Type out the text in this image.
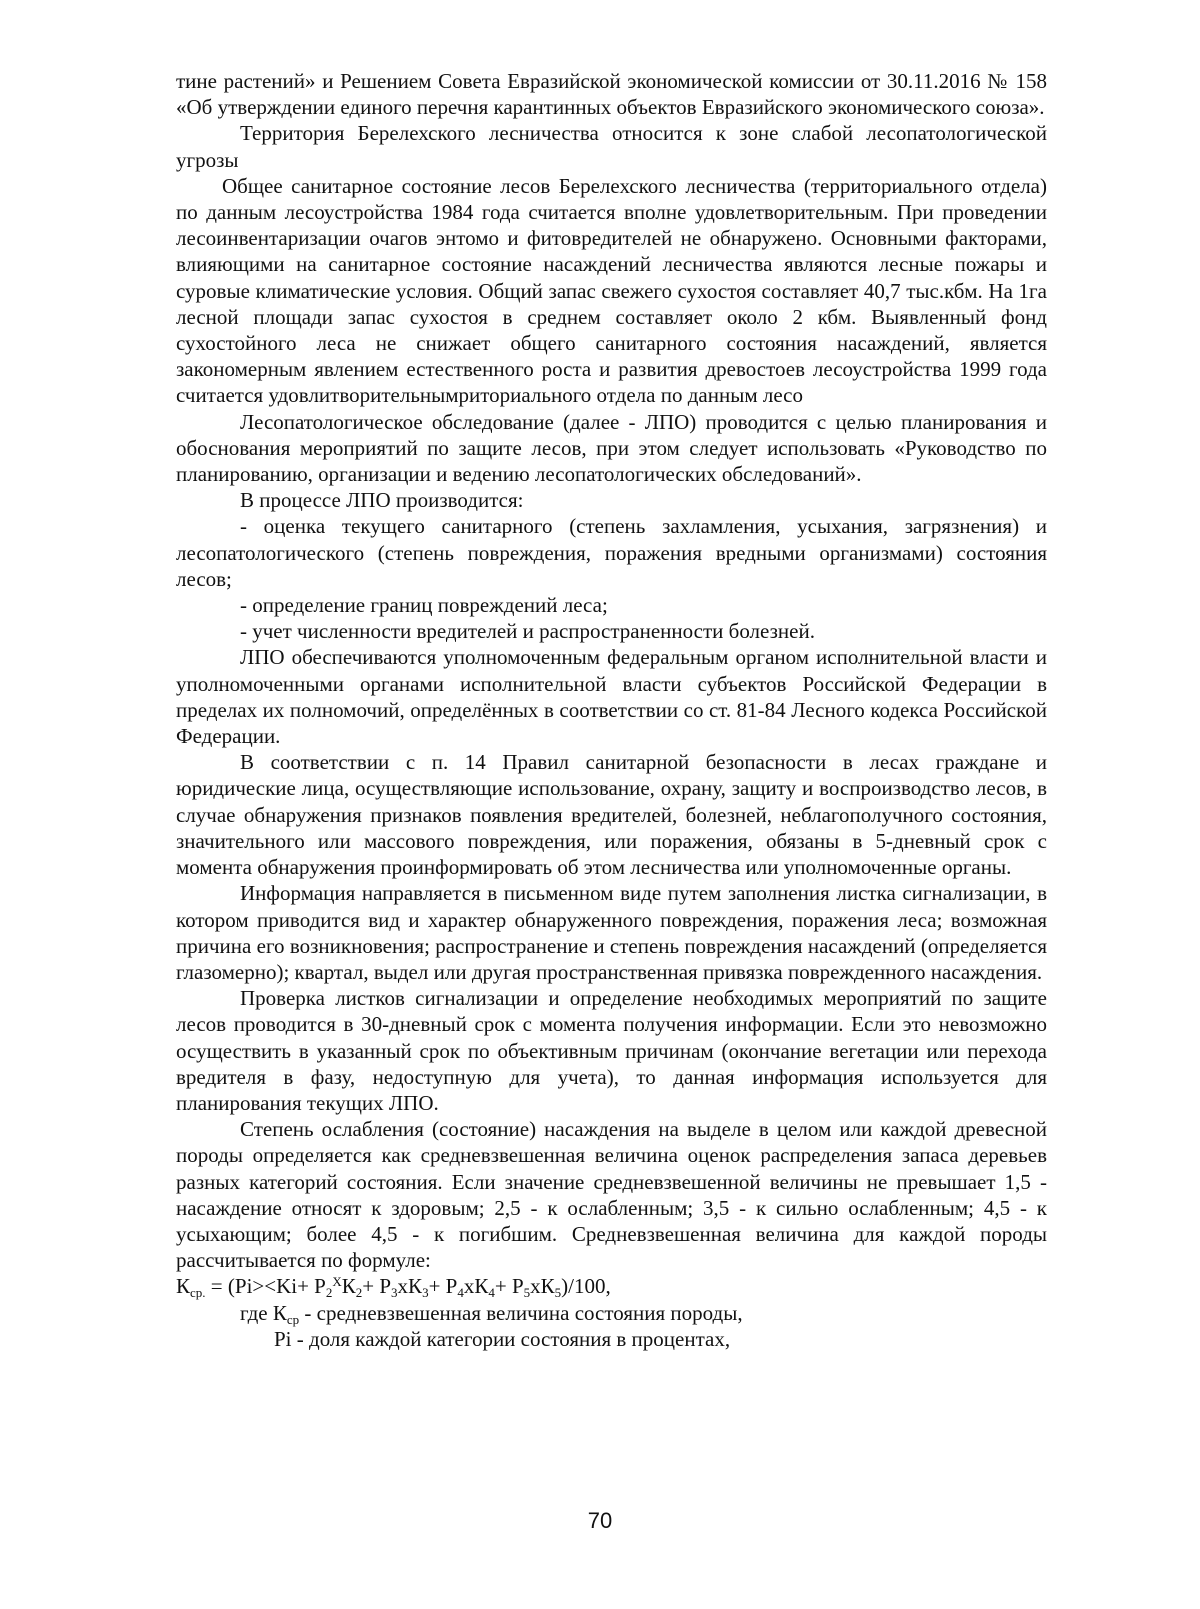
тине растений» и Решением Совета Евразийской экономической комиссии от 30.11.2016 № 158 «Об утверждении единого перечня карантинных объектов Евразийского экономического союза».

Территория Берелехского лесничества относится к зоне слабой лесопатологической угрозы

Общее санитарное состояние лесов Берелехского лесничества (территориального отдела) по данным лесоустройства 1984 года считается вполне удовлетворительным. При проведении лесоинвентаризации очагов энтомо и фитовредителей не обнаружено. Основными факторами, влияющими на санитарное состояние насаждений лесничества являются лесные пожары и суровые климатические условия. Общий запас свежего сухостоя составляет 40,7 тыс.кбм. На 1га лесной площади запас сухостоя в среднем составляет около 2 кбм. Выявленный фонд сухостойного леса не снижает общего санитарного состояния насаждений, является закономерным явлением естественного роста и развития древостоев лесоустройства 1999 года считается удовлитворительнымриториального отдела по данным лесо

Лесопатологическое обследование (далее - ЛПО) проводится с целью планирования и обоснования мероприятий по защите лесов, при этом следует использовать «Руководство по планированию, организации и ведению лесопатологических обследований».

В процессе ЛПО производится:

- оценка текущего санитарного (степень захламления, усыхания, загрязнения) и лесопатологического (степень повреждения, поражения вредными организмами) состояния лесов;

- определение границ повреждений леса;

- учет численности вредителей и распространенности болезней.

ЛПО обеспечиваются уполномоченным федеральным органом исполнительной власти и уполномоченными органами исполнительной власти субъектов Российской Федерации в пределах их полномочий, определённых в соответствии со ст. 81-84 Лесного кодекса Российской Федерации.

В соответствии с п. 14 Правил санитарной безопасности в лесах граждане и юридические лица, осуществляющие использование, охрану, защиту и воспроизводство лесов, в случае обнаружения признаков появления вредителей, болезней, неблагополучного состояния, значительного или массового повреждения, или поражения, обязаны в 5-дневный срок с момента обнаружения проинформировать об этом лесничества или уполномоченные органы.

Информация направляется в письменном виде путем заполнения листка сигнализации, в котором приводится вид и характер обнаруженного повреждения, поражения леса; возможная причина его возникновения; распространение и степень повреждения насаждений (определяется глазомерно); квартал, выдел или другая пространственная привязка поврежденного насаждения.

Проверка листков сигнализации и определение необходимых мероприятий по защите лесов проводится в 30-дневный срок с момента получения информации. Если это невозможно осуществить в указанный срок по объективным причинам (окончание вегетации или перехода вредителя в фазу, недоступную для учета), то данная информация используется для планирования текущих ЛПО.

Степень ослабления (состояние) насаждения на выделе в целом или каждой древесной породы определяется как средневзвешенная величина оценок распределения запаса деревьев разных категорий состояния. Если значение средневзвешенной величины не превышает 1,5 - насаждение относят к здоровым; 2,5 - к ослабленным; 3,5 - к сильно ослабленным; 4,5 - к усыхающим; более 4,5 - к погибшим. Средневзвешенная величина для каждой породы рассчитывается по формуле:

$К_{ср.} = (Pi><Ki+ P_2^XК_2+ P_3хК_3+ P_4хК_4+ P_5хК_5)/100$,

где $К_{ср}$ - средневзвешенная величина состояния породы,

Pi - доля каждой категории состояния в процентах,

70
